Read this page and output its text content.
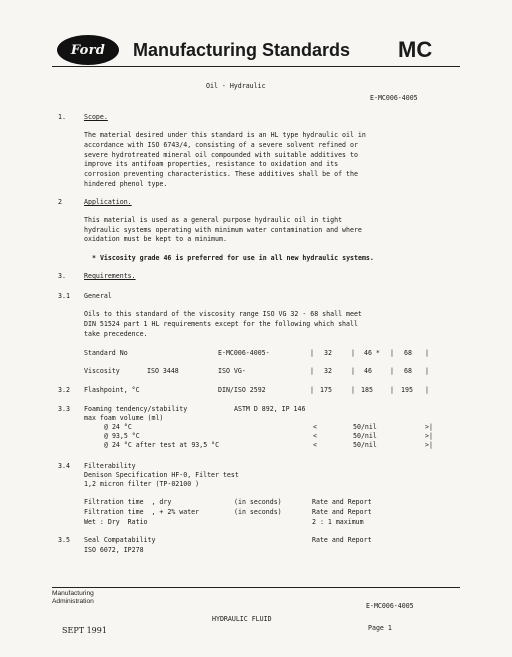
Ford Manufacturing Standards MC
Oil - Hydraulic
E-MC006-4005
1.	Scope.
The material desired under this standard is an HL type hydraulic oil in
accordance with ISO 6743/4, consisting of a severe solvent refined or
severe hydrotreated mineral oil compounded with suitable additives to
improve its antifoam properties, resistance to oxidation and its
corrosion preventing characteristics. These additives shall be of the
hindered phenol type.
2	Application.
This material is used as a general purpose hydraulic oil in tight
hydraulic systems operating with minimum water contamination and where
oxidation must be kept to a minimum.
* Viscosity grade 46 is preferred for use in all new hydraulic systems.
3.	Requirements.
3.1 General
Oils to this standard of the viscosity range ISO VG 32 - 68 shall meet
DIN 51524 part 1 HL requirements except for the following which shall
take precedence.
Standard No	E-MC006-4005-	| 32	| 46 * | 68 |
Viscosity	ISO 3448	ISO VG-	| 32	| 46	| 68 |
3.2 Flashpoint, °C	DIN/ISO 2592	| 175	| 185	| 195 |
3.3 Foaming tendency/stability	ASTM D 892, IP 146
max foam volume (ml)
@ 24 °C	<	50/nil	>|
@ 93,5 °C	<	50/nil	>|
@ 24 °C after test at 93,5 °C	<	50/nil	>|
3.4 Filterability
Denison Specification HF-0, Filter test
1,2 micron filter (TP-02100 )
Filtration time  , dry	(in seconds)	Rate and Report
Filtration time  , + 2% water	(in seconds)	Rate and Report
Wet : Dry  Ratio	2 : 1 maximum
3.5 Seal Compatability	Rate and Report
ISO 6072, IP278
Manufacturing
Administration
E-MC006-4005
HYDRAULIC FLUID
SEPT 1991	Page 1
